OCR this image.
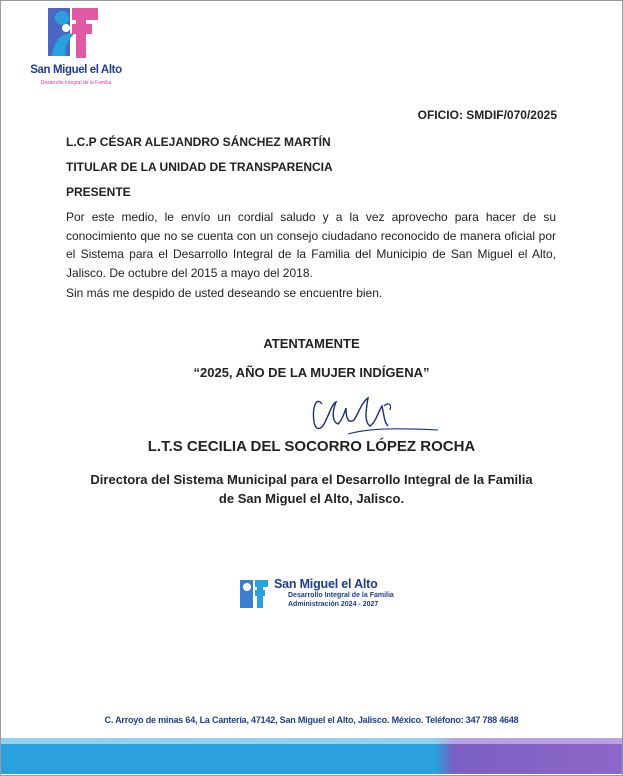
San Miguel el Alto
Desarrollo Integral de la Familia
OFICIO: SMDIF/070/2025
L.C.P CÉSAR ALEJANDRO SÁNCHEZ MARTÍN
TITULAR DE LA UNIDAD DE TRANSPARENCIA
PRESENTE
Por este medio, le envío un cordial saludo y a la vez aprovecho para hacer de su conocimiento que no se cuenta con un consejo ciudadano reconocido de manera oficial por el Sistema para el Desarrollo Integral de la Familia del Municipio de San Miguel el Alto, Jalisco. De octubre del 2015 a mayo del 2018.
Sin más me despido de usted deseando se encuentre bien.
ATENTAMENTE
“2025, AÑO DE LA MUJER INDÍGENA”
L.T.S CECILIA DEL SOCORRO LÓPEZ ROCHA
Directora del Sistema Municipal para el Desarrollo Integral de la Familia de San Miguel el Alto, Jalisco.
San Miguel el Alto
Desarrollo Integral de la Familia
Administración 2024 - 2027
C. Arroyo de minas 64, La Cantería, 47142, San Miguel el Alto, Jalisco. México. Teléfono: 347 788 4648
